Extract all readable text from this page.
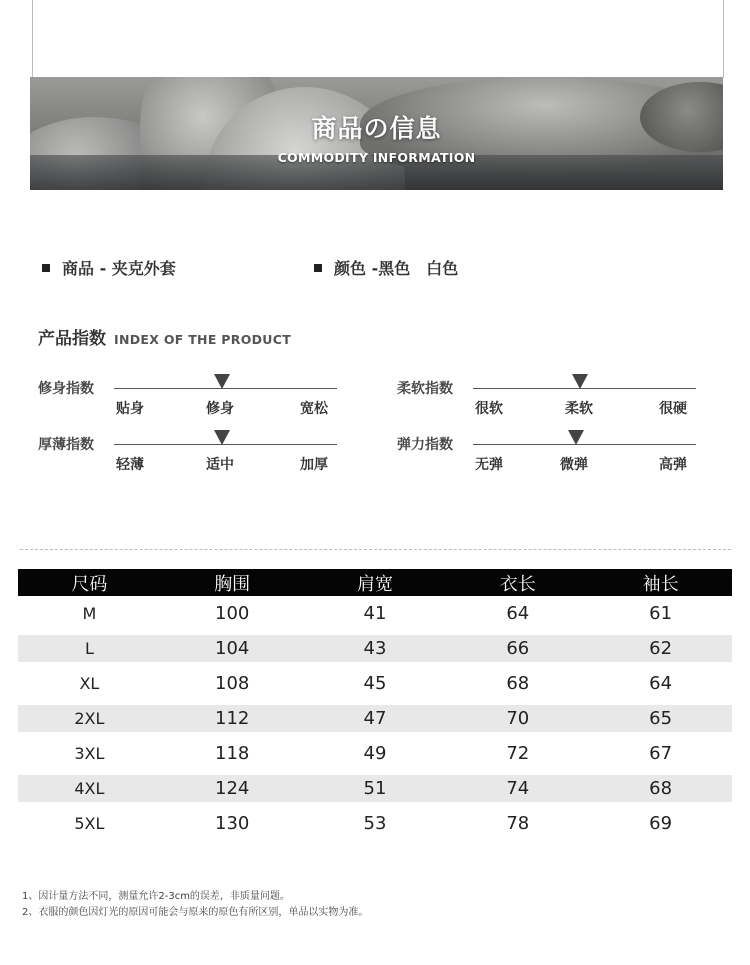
商品の信息
COMMODITY INFORMATION
商品 - 夹克外套	颜色 -黑色　白色
产品指数 INDEX OF THE PRODUCT
修身指数
贴身	修身	宽松
柔软指数
很软	柔软	很硬
厚薄指数
轻薄	适中	加厚
弹力指数
无弹	微弹	高弹
尺码	胸围	肩宽	衣长	袖长
M	100	41	64	61
L	104	43	66	62
XL	108	45	68	64
2XL	112	47	70	65
3XL	118	49	72	67
4XL	124	51	74	68
5XL	130	53	78	69
1、因计量方法不同，测量允许2-3cm的误差，非质量问题。
2、衣服的颜色因灯光的原因可能会与原来的原色有所区别，单品以实物为准。
